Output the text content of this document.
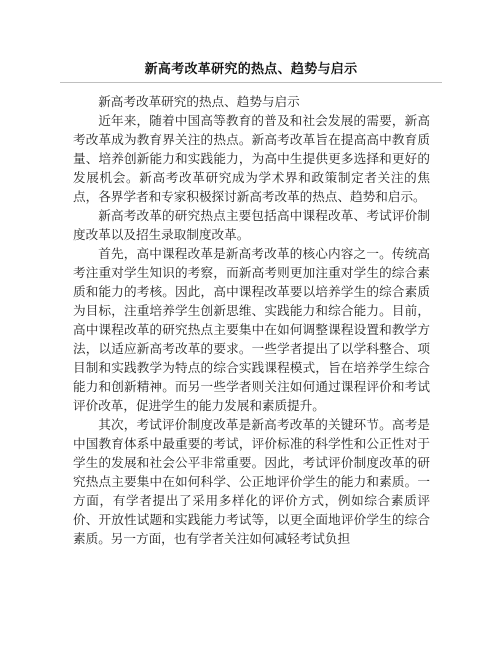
新高考改革研究的热点、趋势与启示

新高考改革研究的热点、趋势与启示

近年来，随着中国高等教育的普及和社会发展的需要，新高考改革成为教育界关注的热点。新高考改革旨在提高高中教育质量、培养创新能力和实践能力，为高中生提供更多选择和更好的发展机会。新高考改革研究成为学术界和政策制定者关注的焦点，各界学者和专家积极探讨新高考改革的热点、趋势和启示。

新高考改革的研究热点主要包括高中课程改革、考试评价制度改革以及招生录取制度改革。

首先，高中课程改革是新高考改革的核心内容之一。传统高考注重对学生知识的考察，而新高考则更加注重对学生的综合素质和能力的考核。因此，高中课程改革要以培养学生的综合素质为目标，注重培养学生创新思维、实践能力和综合能力。目前，高中课程改革的研究热点主要集中在如何调整课程设置和教学方法，以适应新高考改革的要求。一些学者提出了以学科整合、项目制和实践教学为特点的综合实践课程模式，旨在培养学生综合能力和创新精神。而另一些学者则关注如何通过课程评价和考试评价改革，促进学生的能力发展和素质提升。

其次，考试评价制度改革是新高考改革的关键环节。高考是中国教育体系中最重要的考试，评价标准的科学性和公正性对于学生的发展和社会公平非常重要。因此，考试评价制度改革的研究热点主要集中在如何科学、公正地评价学生的能力和素质。一方面，有学者提出了采用多样化的评价方式，例如综合素质评价、开放性试题和实践能力考试等，以更全面地评价学生的综合素质。另一方面，也有学者关注如何减轻考试负担
